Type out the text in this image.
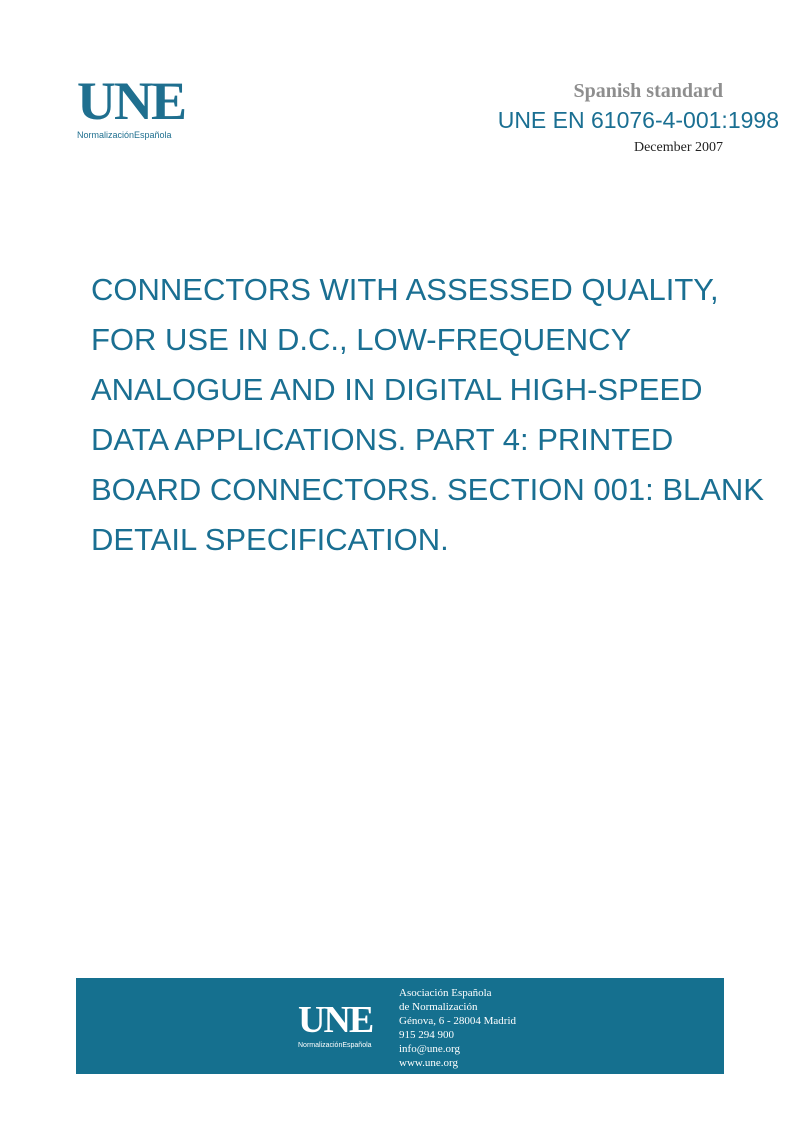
UNE
NormalizaciónEspañola
Spanish standard
UNE EN 61076-4-001:1998
December 2007
CONNECTORS WITH ASSESSED QUALITY, FOR USE IN D.C., LOW-FREQUENCY ANALOGUE AND IN DIGITAL HIGH-SPEED DATA APPLICATIONS. PART 4: PRINTED BOARD CONNECTORS. SECTION 001: BLANK DETAIL SPECIFICATION.
UNE
NormalizaciónEspañola
Asociación Española
de Normalización
Génova, 6 - 28004 Madrid
915 294 900
info@une.org
www.une.org
